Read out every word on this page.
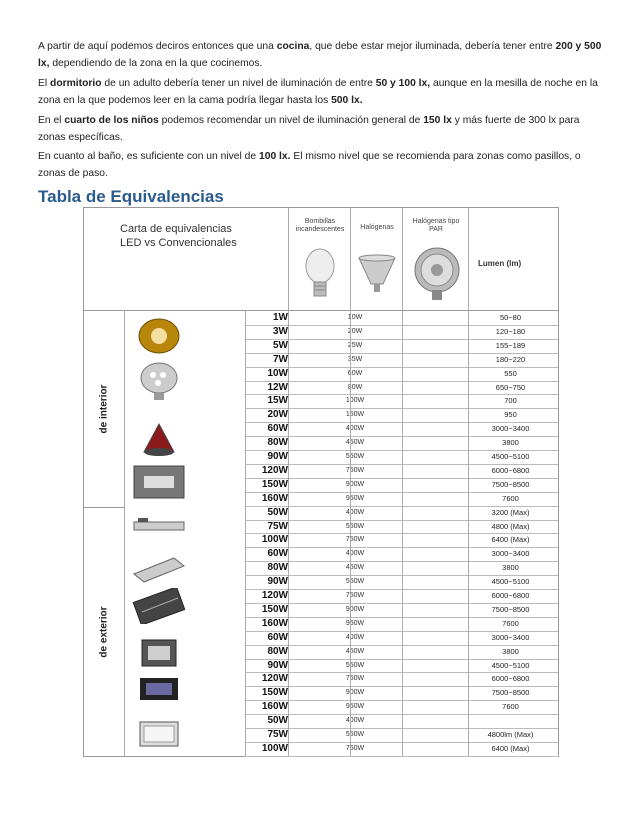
A partir de aquí podemos deciros entonces que una cocina, que debe estar mejor iluminada, debería tener entre 200 y 500 lx, dependiendo de la zona en la que cocinemos.

El dormitorio de un adulto debería tener un nivel de iluminación de entre 50 y 100 lx, aunque en la mesilla de noche en la zona en la que podemos leer en la cama podría llegar hasta los 500 lx.

En el cuarto de los niños podemos recomendar un nivel de iluminación general de 150 lx y más fuerte de 300 lx para zonas específicas.

En cuanto al baño, es suficiente con un nivel de 100 lx. El mismo nivel que se recomienda para zonas como pasillos, o zonas de paso.

Tabla de Equivalencias
Carta de equivalencias
LED vs Convencionales
Bombillas incandescentes	Halógenas
Halógenas tipo PAR
Lumen (lm)
de interior
de exterior
1W	10W	50~80
3W	20W	120~180
5W	25W	155~189
7W	35W	180~220
10W	60W	550
12W	80W	650~750
15W	100W	700
20W	150W	950
60W	400W	3000~3400
80W	450W	3800
90W	550W	4500~5100
120W	750W	6000~6800
150W	900W	7500~8500
160W	950W	7600
50W	400W	3200 (Max)
75W	550W	4800 (Max)
100W	750W	6400 (Max)
60W	400W	3000~3400
80W	450W	3800
90W	550W	4500~5100
120W	750W	6000~6800
150W	900W	7500~8500
160W	950W	7600
60W	400W	3000~3400
80W	450W	3800
90W	550W	4500~5100
120W	750W	6000~6800
150W	900W	7500~8500
160W	950W	7600
50W	400W
75W	550W	4800lm (Max)
100W	750W	6400 (Max)
